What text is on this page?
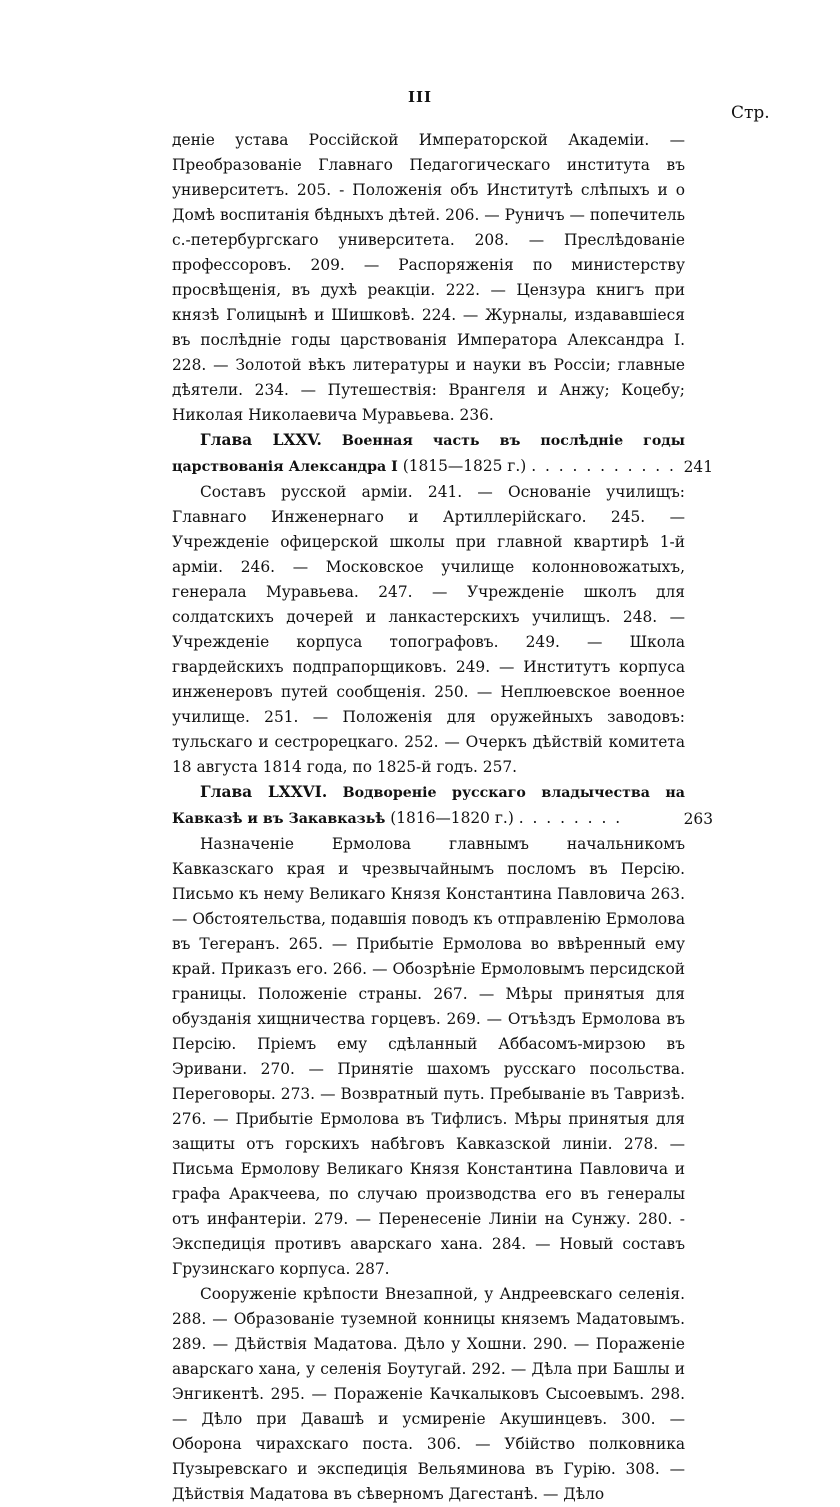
III
Стр.

деніе устава Россійской Императорской Академіи. — Преобразованіе Главнаго Педагогическаго института въ университетъ. 205. - Положенія объ Институтѣ слѣпыхъ и о Домѣ воспитанія бѣдныхъ дѣтей. 206. — Руничъ — попечитель с.-петербургскаго университета. 208. — Преслѣдованіе профессоровъ. 209. — Распоряженія по министерству просвѣщенія, въ духѣ реакціи. 222. — Цензура книгъ при князѣ Голицынѣ и Шишковѣ. 224. — Журналы, издававшіеся въ послѣдніе годы царствованія Императора Александра I. 228. — Золотой вѣкъ литературы и науки въ Россіи; главные дѣятели. 234. — Путешествія: Врангеля и Анжу; Коцебу; Николая Николаевича Муравьева. 236.

Глава LXXV. Военная часть въ послѣдніе годы царствованія Александра I (1815—1825 г.) . . . . . . . . . . . 241

Составъ русской арміи. 241. — Основаніе училищъ: Главнаго Инженернаго и Артиллерійскаго. 245. — Учрежденіе офицерской школы при главной квартирѣ 1-й арміи. 246. — Московское училище колонновожатыхъ, генерала Муравьева. 247. — Учрежденіе школъ для солдатскихъ дочерей и ланкастерскихъ училищъ. 248. — Учрежденіе корпуса топографовъ. 249. — Школа гвардейскихъ подпрапорщиковъ. 249. — Институтъ корпуса инженеровъ путей сообщенія. 250. — Неплюевское военное училище. 251. — Положенія для оружейныхъ заводовъ: тульскаго и сестрорецкаго. 252. — Очеркъ дѣйствій комитета 18 августа 1814 года, по 1825-й годъ. 257.

Глава LXXVI. Водвореніе русскаго владычества на Кавказѣ и въ Закавказьѣ (1816—1820 г.) . . . . . . . .	263

Назначеніе Ермолова главнымъ начальникомъ Кавказскаго края и чрезвычайнымъ посломъ въ Персію. Письмо къ нему Великаго Князя Константина Павловича 263. — Обстоятельства, подавшія поводъ къ отправленію Ермолова въ Тегеранъ. 265. — Прибытіе Ермолова во ввѣренный ему край. Приказъ его. 266. — Обозрѣніе Ермоловымъ персидской границы. Положеніе страны. 267. — Мѣры принятыя для обузданія хищничества горцевъ. 269. — Отъѣздъ Ермолова въ Персію. Пріемъ ему сдѣланный Аббасомъ-мирзою въ Эривани. 270. — Принятіе шахомъ русскаго посольства. Переговоры. 273. — Возвратный путь. Пребываніе въ Тавризѣ. 276. — Прибытіе Ермолова въ Тифлисъ. Мѣры принятыя для защиты отъ горскихъ набѣговъ Кавказской линіи. 278. — Письма Ермолову Великаго Князя Константина Павловича и графа Аракчеева, по случаю производства его въ генералы отъ инфантеріи. 279. — Перенесеніе Линіи на Сунжу. 280. - Экспедиція противъ аварскаго хана. 284. — Новый составъ Грузинскаго корпуса. 287.

Сооруженіе крѣпости Внезапной, у Андреевскаго селенія. 288. — Образованіе туземной конницы княземъ Мадатовымъ. 289. — Дѣйствія Мадатова. Дѣло у Хошни. 290. — Пораженіе аварскаго хана, у селенія Боутугай. 292. — Дѣла при Башлы и Энгикентѣ. 295. — Пораженіе Качкалыковъ Сысоевымъ. 298. — Дѣло при Давашѣ и усмиреніе Акушинцевъ. 300. — Оборона чирахскаго поста. 306. — Убійство полковника Пузыревскаго и экспедиція Вельяминова въ Гурію. 308. — Дѣйствія Мадатова въ сѣверномъ Дагестанѣ. — Дѣло
